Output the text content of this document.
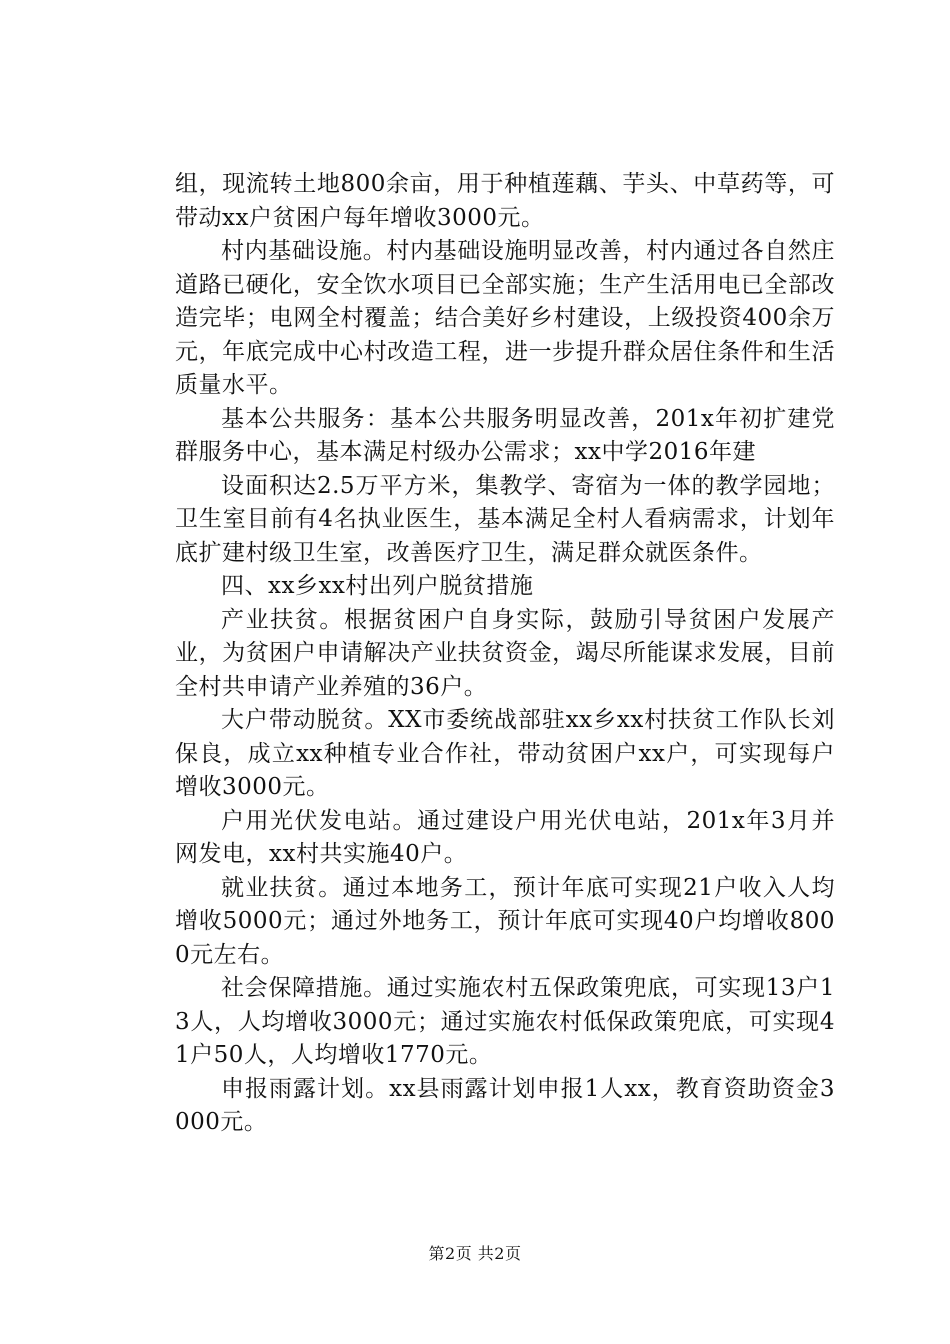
组，现流转土地800余亩，用于种植莲藕、芋头、中草药等，可带动xx户贫困户每年增收3000元。

村内基础设施。村内基础设施明显改善，村内通过各自然庄道路已硬化，安全饮水项目已全部实施；生产生活用电已全部改造完毕；电网全村覆盖；结合美好乡村建设，上级投资400余万元，年底完成中心村改造工程，进一步提升群众居住条件和生活质量水平。

基本公共服务：基本公共服务明显改善，201x年初扩建党群服务中心，基本满足村级办公需求；xx中学2016年建

设面积达2.5万平方米，集教学、寄宿为一体的教学园地；卫生室目前有4名执业医生，基本满足全村人看病需求，计划年底扩建村级卫生室，改善医疗卫生，满足群众就医条件。

四、xx乡xx村出列户脱贫措施

产业扶贫。根据贫困户自身实际，鼓励引导贫困户发展产业，为贫困户申请解决产业扶贫资金，竭尽所能谋求发展，目前全村共申请产业养殖的36户。

大户带动脱贫。XX市委统战部驻xx乡xx村扶贫工作队长刘保良，成立xx种植专业合作社，带动贫困户xx户，可实现每户增收3000元。

户用光伏发电站。通过建设户用光伏电站，201x年3月并网发电，xx村共实施40户。

就业扶贫。通过本地务工，预计年底可实现21户收入人均增收5000元；通过外地务工，预计年底可实现40户均增收8000元左右。

社会保障措施。通过实施农村五保政策兜底，可实现13户13人，人均增收3000元；通过实施农村低保政策兜底，可实现41户50人，人均增收1770元。

申报雨露计划。xx县雨露计划申报1人xx，教育资助资金3000元。

第2页 共2页
